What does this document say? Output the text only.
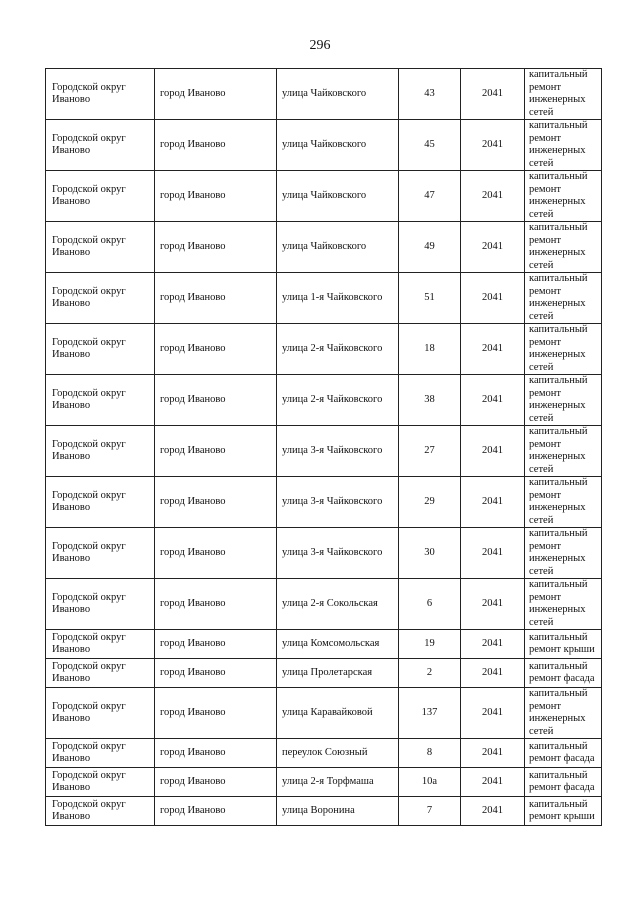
296
Городской округ Иваново	город Иваново	улица Чайковского	43	2041	капитальный ремонт инженерных сетей
Городской округ Иваново	город Иваново	улица Чайковского	45	2041	капитальный ремонт инженерных сетей
Городской округ Иваново	город Иваново	улица Чайковского	47	2041	капитальный ремонт инженерных сетей
Городской округ Иваново	город Иваново	улица Чайковского	49	2041	капитальный ремонт инженерных сетей
Городской округ Иваново	город Иваново	улица 1-я Чайковского	51	2041	капитальный ремонт инженерных сетей
Городской округ Иваново	город Иваново	улица 2-я Чайковского	18	2041	капитальный ремонт инженерных сетей
Городской округ Иваново	город Иваново	улица 2-я Чайковского	38	2041	капитальный ремонт инженерных сетей
Городской округ Иваново	город Иваново	улица 3-я Чайковского	27	2041	капитальный ремонт инженерных сетей
Городской округ Иваново	город Иваново	улица 3-я Чайковского	29	2041	капитальный ремонт инженерных сетей
Городской округ Иваново	город Иваново	улица 3-я Чайковского	30	2041	капитальный ремонт инженерных сетей
Городской округ Иваново	город Иваново	улица 2-я Сокольская	6	2041	капитальный ремонт инженерных сетей
Городской округ Иваново	город Иваново	улица Комсомольская	19	2041	капитальный ремонт крыши
Городской округ Иваново	город Иваново	улица Пролетарская	2	2041	капитальный ремонт фасада
Городской округ Иваново	город Иваново	улица Каравайковой	137	2041	капитальный ремонт инженерных сетей
Городской округ Иваново	город Иваново	переулок Союзный	8	2041	капитальный ремонт фасада
Городской округ Иваново	город Иваново	улица 2-я Торфмаша	10а	2041	капитальный ремонт фасада
Городской округ Иваново	город Иваново	улица Воронина	7	2041	капитальный ремонт крыши
